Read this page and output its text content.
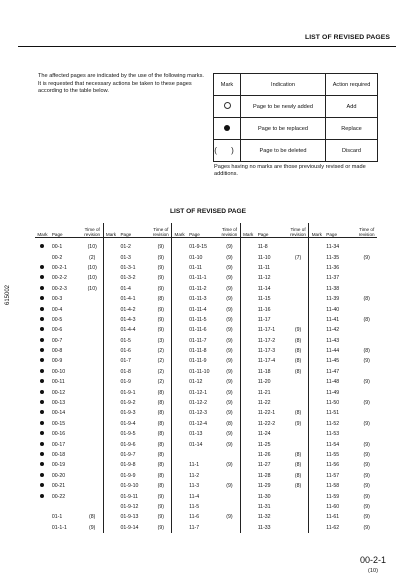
LIST OF REVISED PAGES
615002
The affected pages are indicated by the use of the following marks. It is requested that necessary actions be taken to these pages according to the table below.
Mark	Indication	Action required
	Page to be newly added	Add
	Page to be replaced	Replace
( )	Page to be deleted	Discard
Pages having no marks are those previously revised or made additions.
LIST OF REVISED PAGE
Mark	Page	Time of revision	Mark	Page	Time of revision	Mark	Page	Time of revision	Mark	Page	Time of revision	Mark	Page	Time of revision
	00-1	(10)		01-2	(9)		01-9-15	(9)		11-8			11-34	
	00-2	(2)		01-3	(9)		01-10	(9)		11-10	(7)		11-35	(9)
	00-2-1	(10)		01-3-1	(9)		01-11	(9)		11-11			11-36	
	00-2-2	(10)		01-3-2	(9)		01-11-1	(9)		11-12			11-37	
	00-2-3	(10)		01-4	(9)		01-11-2	(9)		11-14			11-38	
	00-3			01-4-1	(8)		01-11-3	(9)		11-15			11-39	(8)
	00-4			01-4-2	(9)		01-11-4	(9)		11-16			11-40	
	00-5			01-4-3	(9)		01-11-5	(9)		11-17			11-41	(8)
	00-6			01-4-4	(9)		01-11-6	(9)		11-17-1	(9)		11-42	
	00-7			01-5	(3)		01-11-7	(9)		11-17-2	(8)		11-43	
	00-8			01-6	(2)		01-11-8	(9)		11-17-3	(8)		11-44	(8)
	00-9			01-7	(2)		01-11-9	(9)		11-17-4	(8)		11-45	(9)
	00-10			01-8	(2)		01-11-10	(9)		11-18	(8)		11-47	
	00-11			01-9	(2)		01-12	(9)		11-20			11-48	(9)
	00-12			01-9-1	(8)		01-12-1	(9)		11-21			11-49	
	00-13			01-9-2	(8)		01-12-2	(9)		11-22			11-50	(9)
	00-14			01-9-3	(8)		01-12-3	(9)		11-22-1	(8)		11-51	
	00-15			01-9-4	(8)		01-12-4	(8)		11-22-2	(9)		11-52	(9)
	00-16			01-9-5	(8)		01-13	(9)		11-24			11-53	
	00-17			01-9-6	(8)		01-14	(9)		11-25			11-54	(9)
	00-18			01-9-7	(8)					11-26	(8)		11-55	(9)
	00-19			01-9-8	(8)		11-1	(9)		11-27	(8)		11-56	(9)
	00-20			01-9-9	(8)		11-2			11-28	(8)		11-57	(9)
	00-21			01-9-10	(8)		11-3	(9)		11-29	(8)		11-58	(9)
	00-22			01-9-11	(9)		11-4			11-30			11-59	(9)
				01-9-12	(9)		11-5			11-31			11-60	(9)
	01-1	(8)		01-9-13	(9)		11-6	(9)		11-32			11-61	(9)
	01-1-1	(9)		01-9-14	(9)		11-7			11-33			11-62	(9)
00-2-1
(10)
